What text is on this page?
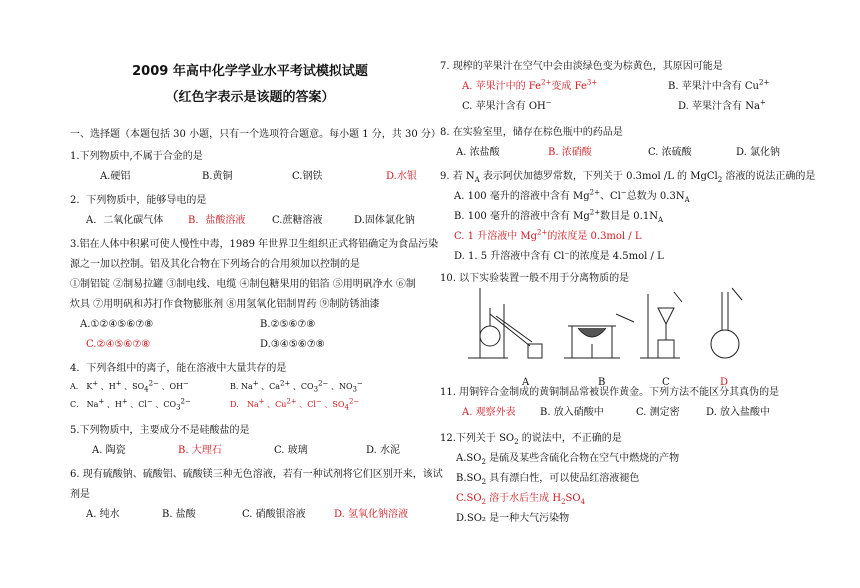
2009 年高中化学学业水平考试模拟试题
（红色字表示是该题的答案）
一、选择题（本题包括 30 小题，只有一个选项符合题意。每小题 1 分，共 30 分）
1.下列物质中,不属于合金的是
A.硬铝	B.黄铜	C.钢铁	D.水银
2．下列物质中，能够导电的是
A．二氧化碳气体 B．盐酸溶液	C.蔗糖溶液	D.固体氯化钠
3.铝在人体中积累可使人慢性中毒，1989 年世界卫生组织正式将铝确定为食品污染
源之一加以控制。铝及其化合物在下列场合的合用须加以控制的是
①制铝锭 ②制易拉罐 ③制电线、电缆 ④制包糖果用的铝箔 ⑤用明矾净水 ⑥制
炊具 ⑦用明矾和苏打作食物膨胀剂 ⑧用氢氧化铝制胃药 ⑨制防锈油漆
A.①②④⑤⑥⑦⑧	B.②⑤⑥⑦⑧
C.②④⑤⑥⑦⑧	D.③④⑤⑥⑦⑧
4．下列各组中的离子，能在溶液中大量共存的是
A． K+ 、H+ 、$SO_4^{2-}$ 、OH−	B. Na+ 、$Ca^{2+}$ 、$CO_3^{2-}$ 、$NO_3^-$
C． Na+ 、H+ 、Cl− 、$CO_3^{2-}$	D． Na+ 、$Cu^{2+}$ 、Cl− 、$SO_4^{2-}$
5.下列物质中，主要成分不是硅酸盐的是
A. 陶瓷	B. 大理石	C. 玻璃	D. 水泥
6. 现有硫酸钠、硫酸铝、硫酸镁三种无色溶液，若有一种试剂将它们区别开来，该试
剂是
A. 纯水	B. 盐酸	C. 硝酸银溶液	D. 氢氧化钠溶液
7. 现榨的苹果汁在空气中会由淡绿色变为棕黄色，其原因可能是
A. 苹果汁中的 $Fe^{2+}$变成 $Fe^{3+}$	B. 苹果汁中含有 $Cu^{2+}$
C. 苹果汁含有 OH−	D. 苹果汁含有 Na+
8. 在实验室里，储存在棕色瓶中的药品是
A. 浓盐酸	B. 浓硝酸	C. 浓硫酸	D. 氯化钠
9. 若 $N_A$ 表示阿伏加德罗常数，下列关于 0.3mol /L 的 MgCl$_2$ 溶液的说法正确的是
A. 100 毫升的溶液中含有 $Mg^{2+}$、Cl−总数为 $0.3N_A$
B. 100 毫升的溶液中含有 $Mg^{2+}$数目是 $0.1N_A$
C. 1 升溶液中 $Mg^{2+}$的浓度是 0.3mol / L
D. 1. 5 升溶液中含有 Cl⁻的浓度是 4.5mol / L
10. 以下实验装置一般不用于分离物质的是
A	B	C	D
11. 用铜锌合金制成的黄铜制品常被误作黄金。下列方法不能区分其真伪的是
A. 观察外表 B. 放入硝酸中	C. 测定密	D. 放入盐酸中
12.下列关于 $SO_2$ 的说法中，不正确的是
$A.SO_2$ 是硫及某些含硫化合物在空气中燃烧的产物
$B.SO_2$ 具有漂白性，可以使品红溶液褪色
$C.SO_2$ 溶于水后生成 $H_2SO_4$
D.SO₂ 是一种大气污染物
